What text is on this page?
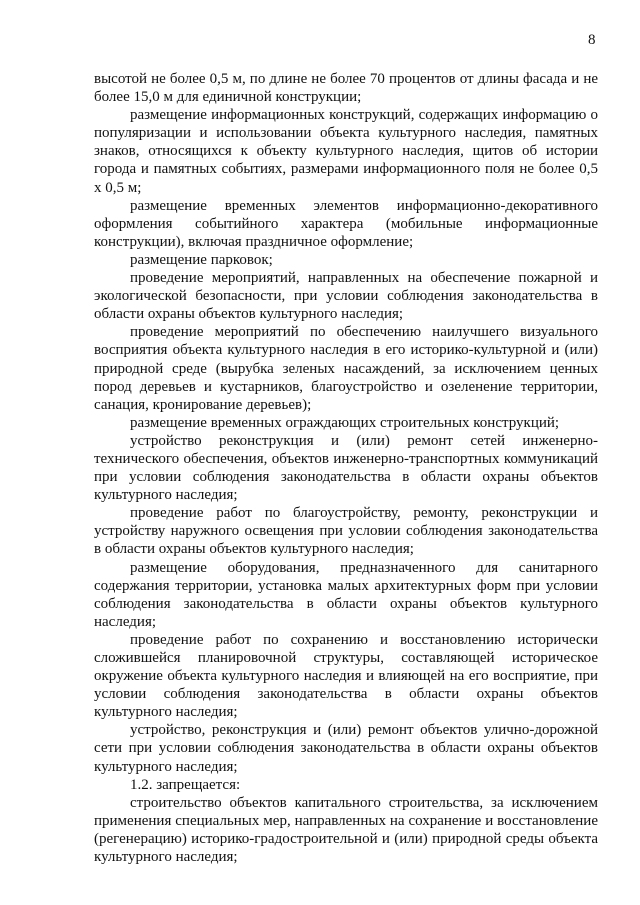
8

высотой не более 0,5 м, по длине не более 70 процентов от длины фасада и не более 15,0 м для единичной конструкции;

размещение информационных конструкций, содержащих информацию о популяризации и использовании объекта культурного наследия, памятных знаков, относящихся к объекту культурного наследия, щитов об истории города и памятных событиях, размерами информационного поля не более 0,5 х 0,5 м;

размещение временных элементов информационно-декоративного оформления событийного характера (мобильные информационные конструкции), включая праздничное оформление;

размещение парковок;

проведение мероприятий, направленных на обеспечение пожарной и экологической безопасности, при условии соблюдения законодательства в области охраны объектов культурного наследия;

проведение мероприятий по обеспечению наилучшего визуального восприятия объекта культурного наследия в его историко-культурной и (или) природной среде (вырубка зеленых насаждений, за исключением ценных пород деревьев и кустарников, благоустройство и озеленение территории, санация, кронирование деревьев);

размещение временных ограждающих строительных конструкций;

устройство реконструкция и (или) ремонт сетей инженерно-технического обеспечения, объектов инженерно-транспортных коммуникаций при условии соблюдения законодательства в области охраны объектов культурного наследия;

проведение работ по благоустройству, ремонту, реконструкции и устройству наружного освещения при условии соблюдения законодательства в области охраны объектов культурного наследия;

размещение оборудования, предназначенного для санитарного содержания территории, установка малых архитектурных форм при условии соблюдения законодательства в области охраны объектов культурного наследия;

проведение работ по сохранению и восстановлению исторически сложившейся планировочной структуры, составляющей историческое окружение объекта культурного наследия и влияющей на его восприятие, при условии соблюдения законодательства в области охраны объектов культурного наследия;

устройство, реконструкция и (или) ремонт объектов улично-дорожной сети при условии соблюдения законодательства в области охраны объектов культурного наследия;

1.2. запрещается:

строительство объектов капитального строительства, за исключением применения специальных мер, направленных на сохранение и восстановление (регенерацию) историко-градостроительной и (или) природной среды объекта культурного наследия;
